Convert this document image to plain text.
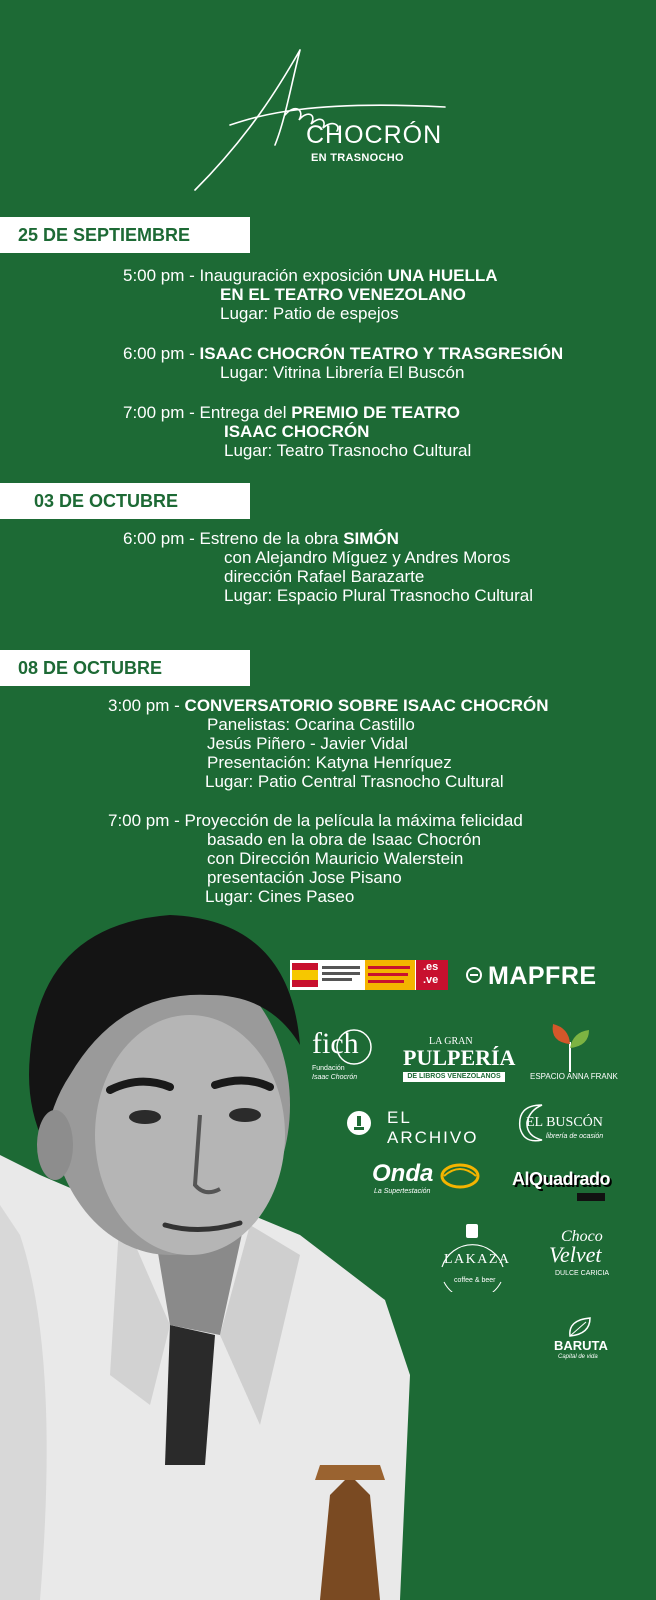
CHOCRÓN
EN TRASNOCHO
25 DE SEPTIEMBRE
5:00 pm - Inauguración exposición UNA HUELLA
EN EL TEATRO VENEZOLANO
Lugar: Patio de espejos
6:00 pm - ISAAC CHOCRÓN TEATRO Y TRASGRESIÓN
Lugar: Vitrina Librería El Buscón
7:00 pm - Entrega del PREMIO DE TEATRO
ISAAC CHOCRÓN
Lugar: Teatro Trasnocho Cultural
03 DE OCTUBRE
6:00 pm - Estreno de la obra SIMÓN
con Alejandro Míguez y Andres Moros
dirección Rafael Barazarte
Lugar: Espacio Plural Trasnocho Cultural
08 DE OCTUBRE
3:00 pm - CONVERSATORIO SOBRE ISAAC CHOCRÓN
Panelistas: Ocarina Castillo
Jesús Piñero - Javier Vidal
Presentación: Katyna Henríquez
Lugar: Patio Central Trasnocho Cultural
7:00 pm - Proyección de la película la máxima felicidad
basado en la obra de Isaac Chocrón
con Dirección Mauricio Walerstein
presentación Jose Pisano
Lugar: Cines Paseo
.es
.ve MAPFRE
fich
Fundación
Isaac Chocrón
LA GRAN
PULPERÍA
DE LIBROS VENEZOLANOS	ESPACIO ANNA FRANK
EL
ARCHIVO
EL BUSCÓN
librería de ocasión
Onda
La Supertestación
AlQuadrado
LAKAZA
coffee & beer
Choco
Velvet
DULCE CARICIA
BARUTA
Capital de vida
